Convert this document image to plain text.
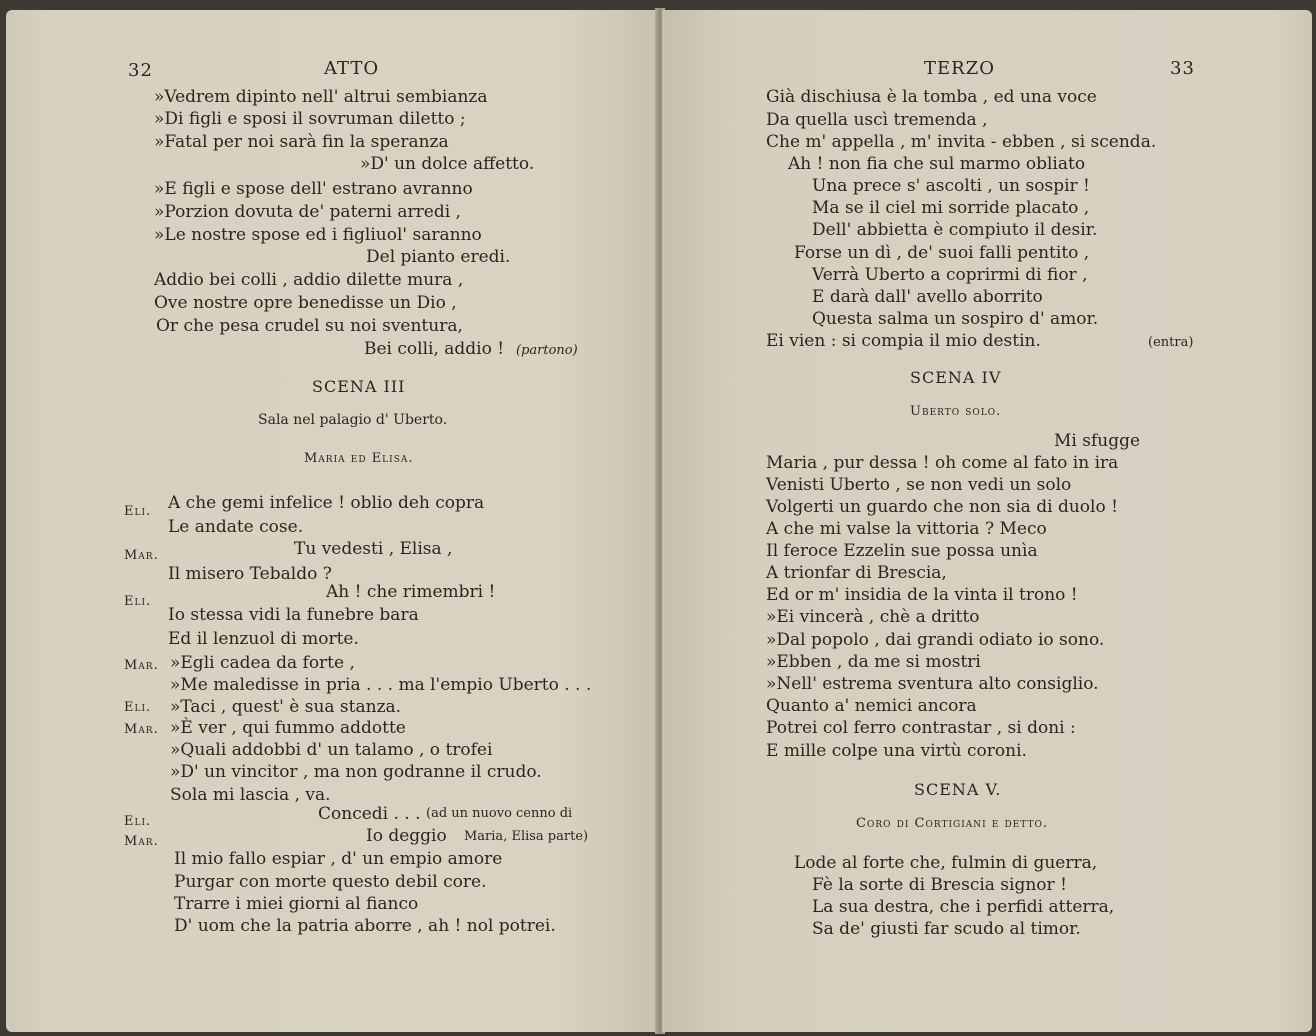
32	ATTO
»Vedrem dipinto nell' altrui sembianza
»Di figli e sposi il sovruman diletto ;
»Fatal per noi sarà fin la speranza
»D' un dolce affetto.
»E figli e spose dell' estrano avranno
»Porzion dovuta de' paterni arredi ,
»Le nostre spose ed i figliuol' saranno
Del pianto eredi.
Addio bei colli , addio dilette mura ,
Ove nostre opre benedisse un Dio ,
Or che pesa crudel su noi sventura,
Bei colli, addio ! (partono)
SCENA III
Sala nel palagio d' Uberto.
Maria ed Elisa.
Eli. A che gemi infelice ! oblio deh copra
Le andate cose.
Mar.	Tu vedesti , Elisa ,
Il misero Tebaldo ?
Eli.	Ah ! che rimembri !
Io stessa vidi la funebre bara
Ed il lenzuol di morte.
Mar. »Egli cadea da forte ,
»Me maledisse in pria . . . ma l'empio Uberto . . .
Eli. »Taci , quest' è sua stanza.
Mar. »È ver , qui fummo addotte
»Quali addobbi d' un talamo , o trofei
»D' un vincitor , ma non godranne il crudo.
Sola mi lascia , va.
Eli.	Concedi . . . (ad un nuovo cenno di
Mar.	Io deggio Maria, Elisa parte)
Il mio fallo espiar , d' un empio amore
Purgar con morte questo debil core.
Trarre i miei giorni al fianco
D' uom che la patria aborre , ah ! nol potrei.
TERZO	33
Già dischiusa è la tomba , ed una voce
Da quella uscì tremenda ,
Che m' appella , m' invita - ebben , si scenda.
Ah ! non fia che sul marmo obliato
Una prece s' ascolti , un sospir !
Ma se il ciel mi sorride placato ,
Dell' abbietta è compiuto il desir.
Forse un dì , de' suoi falli pentito ,
Verrà Uberto a coprirmi di fior ,
E darà dall' avello aborrito
Questa salma un sospiro d' amor.
Ei vien : si compia il mio destin.	(entra)
SCENA IV
Uberto solo.
Mi sfugge
Maria , pur dessa ! oh come al fato in ira
Venisti Uberto , se non vedi un solo
Volgerti un guardo che non sia di duolo !
A che mi valse la vittoria ? Meco
Il feroce Ezzelin sue possa unìa
A trionfar di Brescia,
Ed or m' insidia de la vinta il trono !
»Ei vincerà , chè a dritto
»Dal popolo , dai grandi odiato io sono.
»Ebben , da me si mostri
»Nell' estrema sventura alto consiglio.
Quanto a' nemici ancora
Potrei col ferro contrastar , si doni :
E mille colpe una virtù coroni.
SCENA V.
Coro di Cortigiani e detto.
Lode al forte che, fulmin di guerra,
Fè la sorte di Brescia signor !
La sua destra, che i perfidi atterra,
Sa de' giusti far scudo al timor.
